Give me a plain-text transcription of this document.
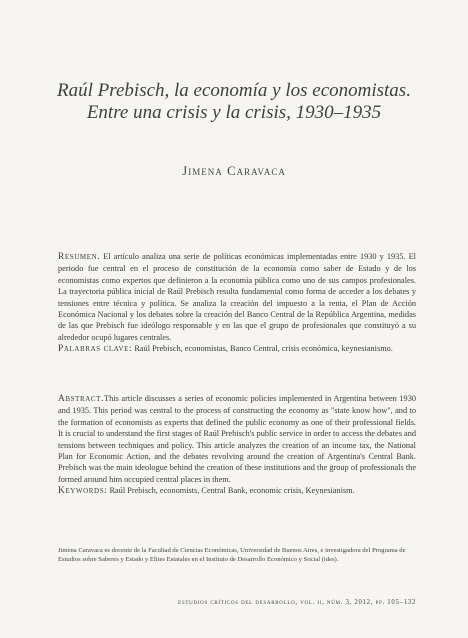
Raúl Prebisch, la economía y los economistas.
Entre una crisis y la crisis, 1930–1935
Jimena Caravaca

Resumen. El artículo analiza una serie de políticas económicas implementadas entre 1930 y 1935. El periodo fue central en el proceso de constitución de la economía como saber de Estado y de los economistas como expertos que definieron a la economía pública como uno de sus campos profesionales. La trayectoria pública inicial de Raúl Prebisch resulta fundamental como forma de acceder a los debates y tensiones entre técnica y política. Se analiza la creación del impuesto a la renta, el Plan de Acción Económica Nacional y los debates sobre la creación del Banco Central de la República Argentina, medidas de las que Prebisch fue ideólogo responsable y en las que el grupo de profesionales que constituyó a su alrededor ocupó lugares centrales.

Palabras clave: Raúl Prebisch, economistas, Banco Central, crisis económica, keynesianismo.

Abstract.This article discusses a series of economic policies implemented in Argentina between 1930 and 1935. This period was central to the process of constructing the economy as "state know how", and to the formation of economists as experts that defined the public economy as one of their professional fields. It is crucial to understand the first stages of Raúl Prebisch's public service in order to access the debates and tensions between techniques and policy. This article analyzes the creation of an income tax, the National Plan for Economic Action, and the debates revolving around the creation of Argentina's Central Bank. Prebisch was the main ideologue behind the creation of these institutions and the group of professionals the formed around him occupied central places in them.

Keywords: Raúl Prebisch, economists, Central Bank, economic crisis, Keynesianism.

Jimena Caravaca es docente de la Facultad de Ciencias Económicas, Universidad de Buenos Aires, e investigadora del Programa de Estudios sobre Saberes y Estado y Elites Estatales en el Instituto de Desarrollo Económico y Social (ides).
estudios críticos del desarrollo, vol. ii, núm. 3, 2012, pp. 105–132
